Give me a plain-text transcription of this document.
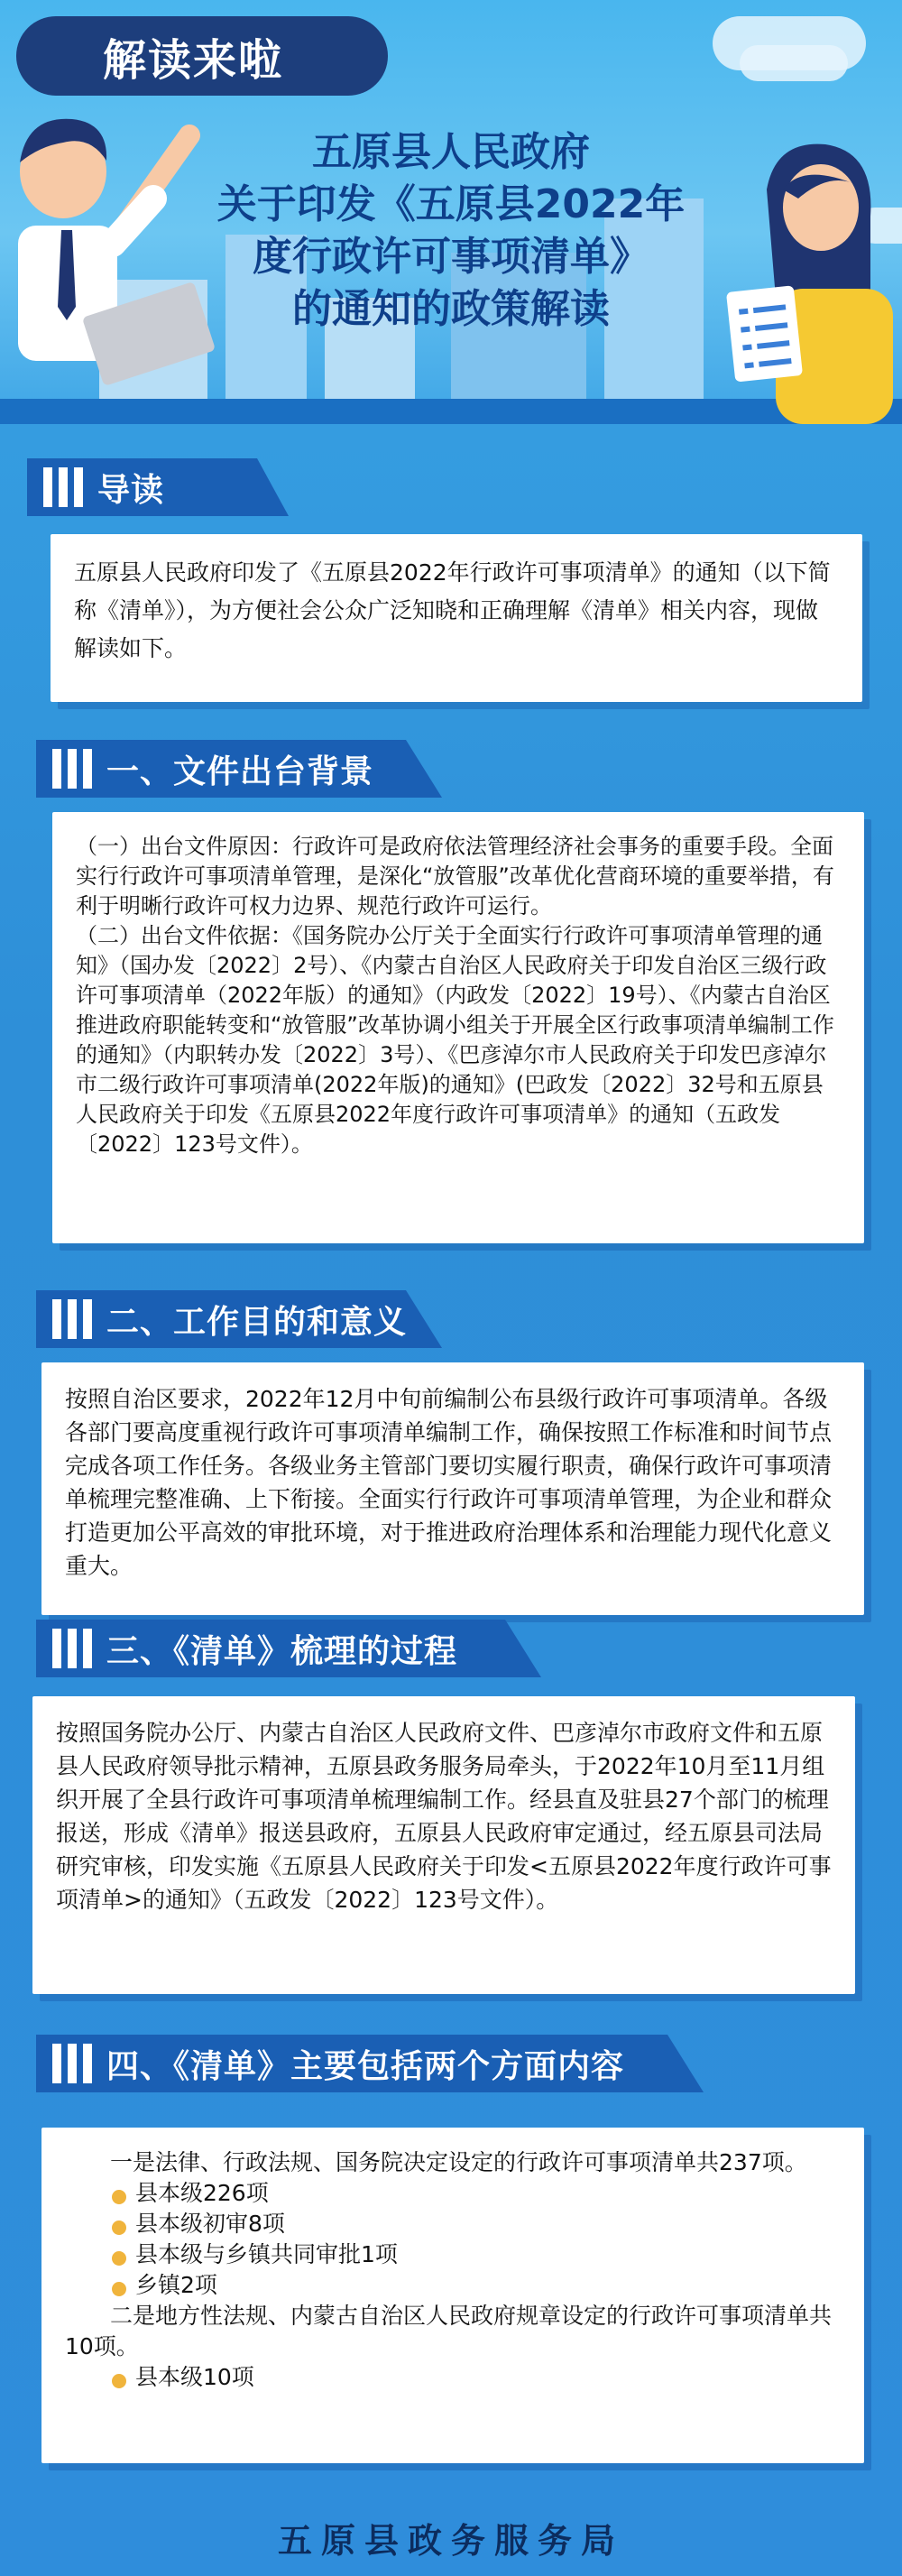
解读来啦
五原县人民政府
关于印发《五原县2022年
度行政许可事项清单》
的通知的政策解读
导读

五原县人民政府印发了《五原县2022年行政许可事项清单》的通知（以下简称《清单》），为方便社会公众广泛知晓和正确理解《清单》相关内容，现做解读如下。

一、文件出台背景

（一）出台文件原因：行政许可是政府依法管理经济社会事务的重要手段。全面实行行政许可事项清单管理，是深化“放管服”改革优化营商环境的重要举措，有利于明晰行政许可权力边界、规范行政许可运行。

（二）出台文件依据：《国务院办公厅关于全面实行行政许可事项清单管理的通知》（国办发〔2022〕2号）、《内蒙古自治区人民政府关于印发自治区三级行政许可事项清单（2022年版）的通知》（内政发〔2022〕19号）、《内蒙古自治区推进政府职能转变和“放管服”改革协调小组关于开展全区行政事项清单编制工作的通知》（内职转办发〔2022〕3号）、《巴彦淖尔市人民政府关于印发巴彦淖尔市二级行政许可事项清单(2022年版)的通知》(巴政发〔2022〕32号和五原县人民政府关于印发《五原县2022年度行政许可事项清单》的通知（五政发〔2022〕123号文件）。

二、工作目的和意义

按照自治区要求，2022年12月中旬前编制公布县级行政许可事项清单。各级各部门要高度重视行政许可事项清单编制工作，确保按照工作标准和时间节点完成各项工作任务。各级业务主管部门要切实履行职责，确保行政许可事项清单梳理完整准确、上下衔接。全面实行行政许可事项清单管理，为企业和群众打造更加公平高效的审批环境，对于推进政府治理体系和治理能力现代化意义重大。

三、《清单》梳理的过程

按照国务院办公厅、内蒙古自治区人民政府文件、巴彦淖尔市政府文件和五原县人民政府领导批示精神，五原县政务服务局牵头，于2022年10月至11月组织开展了全县行政许可事项清单梳理编制工作。经县直及驻县27个部门的梳理报送，形成《清单》报送县政府，五原县人民政府审定通过，经五原县司法局研究审核，印发实施《五原县人民政府关于印发<五原县2022年度行政许可事项清单>的通知》（五政发〔2022〕123号文件）。

四、《清单》主要包括两个方面内容

一是法律、行政法规、国务院决定设定的行政许可事项清单共237项。

县本级226项
县本级初审8项
县本级与乡镇共同审批1项
乡镇2项

二是地方性法规、内蒙古自治区人民政府规章设定的行政许可事项清单共10项。

县本级10项
五原县政务服务局
